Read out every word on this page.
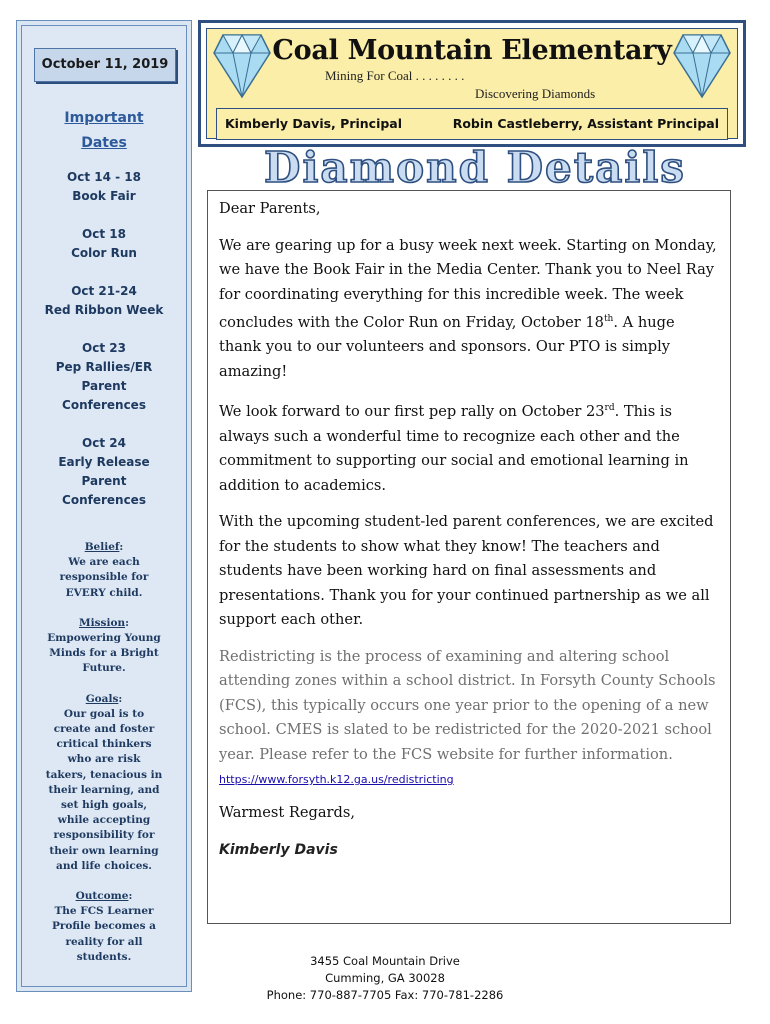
October 11, 2019
Important
Dates
Oct 14 - 18
Book Fair
Oct 18
Color Run
Oct 21-24
Red Ribbon Week
Oct 23
Pep Rallies/ER
Parent
Conferences
Oct 24
Early Release
Parent
Conferences
Belief:
We are each
responsible for
EVERY child.
Mission:
Empowering Young
Minds for a Bright
Future.
Goals:
Our goal is to
create and foster
critical thinkers
who are risk
takers, tenacious in
their learning, and
set high goals,
while accepting
responsibility for
their own learning
and life choices.
Outcome:
The FCS Learner
Profile becomes a
reality for all
students.
Coal Mountain Elementary
Mining For Coal . . . . . . . .
Discovering Diamonds
Kimberly Davis, Principal	Robin Castleberry, Assistant Principal
Diamond Details

Dear Parents,

We are gearing up for a busy week next week. Starting on Monday, we have the Book Fair in the Media Center. Thank you to Neel Ray for coordinating everything for this incredible week. The week concludes with the Color Run on Friday, October 18th. A huge thank you to our volunteers and sponsors. Our PTO is simply amazing!

We look forward to our first pep rally on October 23rd. This is always such a wonderful time to recognize each other and the commitment to supporting our social and emotional learning in addition to academics.

With the upcoming student-led parent conferences, we are excited for the students to show what they know! The teachers and students have been working hard on final assessments and presentations. Thank you for your continued partnership as we all support each other.

Redistricting is the process of examining and altering school attending zones within a school district. In Forsyth County Schools (FCS), this typically occurs one year prior to the opening of a new school. CMES is slated to be redistricted for the 2020-2021 school year. Please refer to the FCS website for further information.

https://www.forsyth.k12.ga.us/redistricting

Warmest Regards,

Kimberly Davis

3455 Coal Mountain Drive
Cumming, GA 30028
Phone: 770-887-7705 Fax: 770-781-2286
